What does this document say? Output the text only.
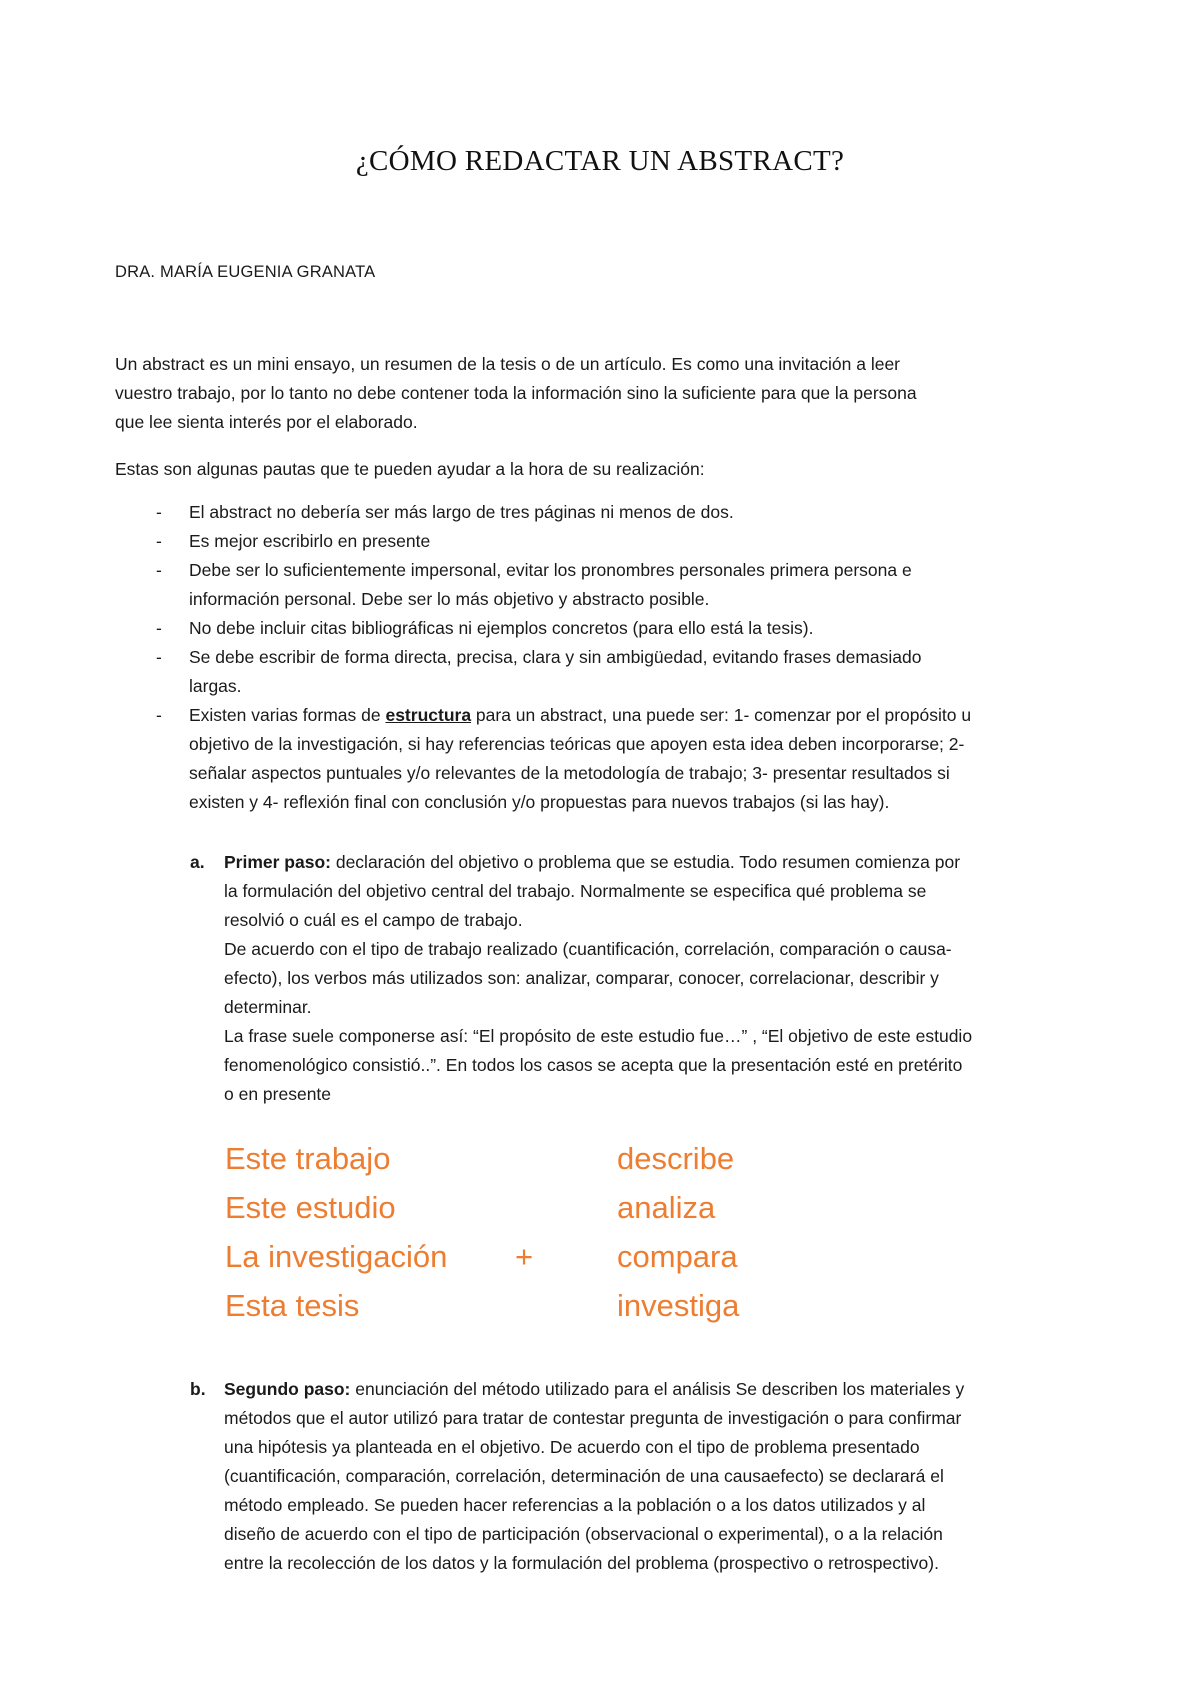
¿CÓMO REDACTAR UN ABSTRACT?
DRA. MARÍA EUGENIA GRANATA
Un abstract es un mini ensayo, un resumen de la tesis o de un artículo. Es como una invitación a leer
vuestro trabajo, por lo tanto no debe contener toda la información sino la suficiente para que la persona
que lee sienta interés por el elaborado.
Estas son algunas pautas que te pueden ayudar a la hora de su realización:
- El abstract no debería ser más largo de tres páginas ni menos de dos.
- Es mejor escribirlo en presente
- Debe ser lo suficientemente impersonal, evitar los pronombres personales primera persona e
información personal. Debe ser lo más objetivo y abstracto posible.
- No debe incluir citas bibliográficas ni ejemplos concretos (para ello está la tesis).
- Se debe escribir de forma directa, precisa, clara y sin ambigüedad, evitando frases demasiado
largas.
- Existen varias formas de estructura para un abstract, una puede ser: 1- comenzar por el propósito u
objetivo de la investigación, si hay referencias teóricas que apoyen esta idea deben incorporarse; 2-
señalar aspectos puntuales y/o relevantes de la metodología de trabajo; 3- presentar resultados si
existen y 4- reflexión final con conclusión y/o propuestas para nuevos trabajos (si las hay).
a.	Primer paso: declaración del objetivo o problema que se estudia. Todo resumen comienza por
la formulación del objetivo central del trabajo. Normalmente se especifica qué problema se
resolvió o cuál es el campo de trabajo.
De acuerdo con el tipo de trabajo realizado (cuantificación, correlación, comparación o causa-
efecto), los verbos más utilizados son: analizar, comparar, conocer, correlacionar, describir y
determinar.
La frase suele componerse así: “El propósito de este estudio fue…” , “El objetivo de este estudio
fenomenológico consistió..”. En todos los casos se acepta que la presentación esté en pretérito
o en presente
Este trabajo
Este estudio
La investigación
Esta tesis
+
describe
analiza
compara
investiga
b.	Segundo paso: enunciación del método utilizado para el análisis Se describen los materiales y
métodos que el autor utilizó para tratar de contestar pregunta de investigación o para confirmar
una hipótesis ya planteada en el objetivo. De acuerdo con el tipo de problema presentado
(cuantificación, comparación, correlación, determinación de una causaefecto) se declarará el
método empleado. Se pueden hacer referencias a la población o a los datos utilizados y al
diseño de acuerdo con el tipo de participación (observacional o experimental), o a la relación
entre la recolección de los datos y la formulación del problema (prospectivo o retrospectivo).
